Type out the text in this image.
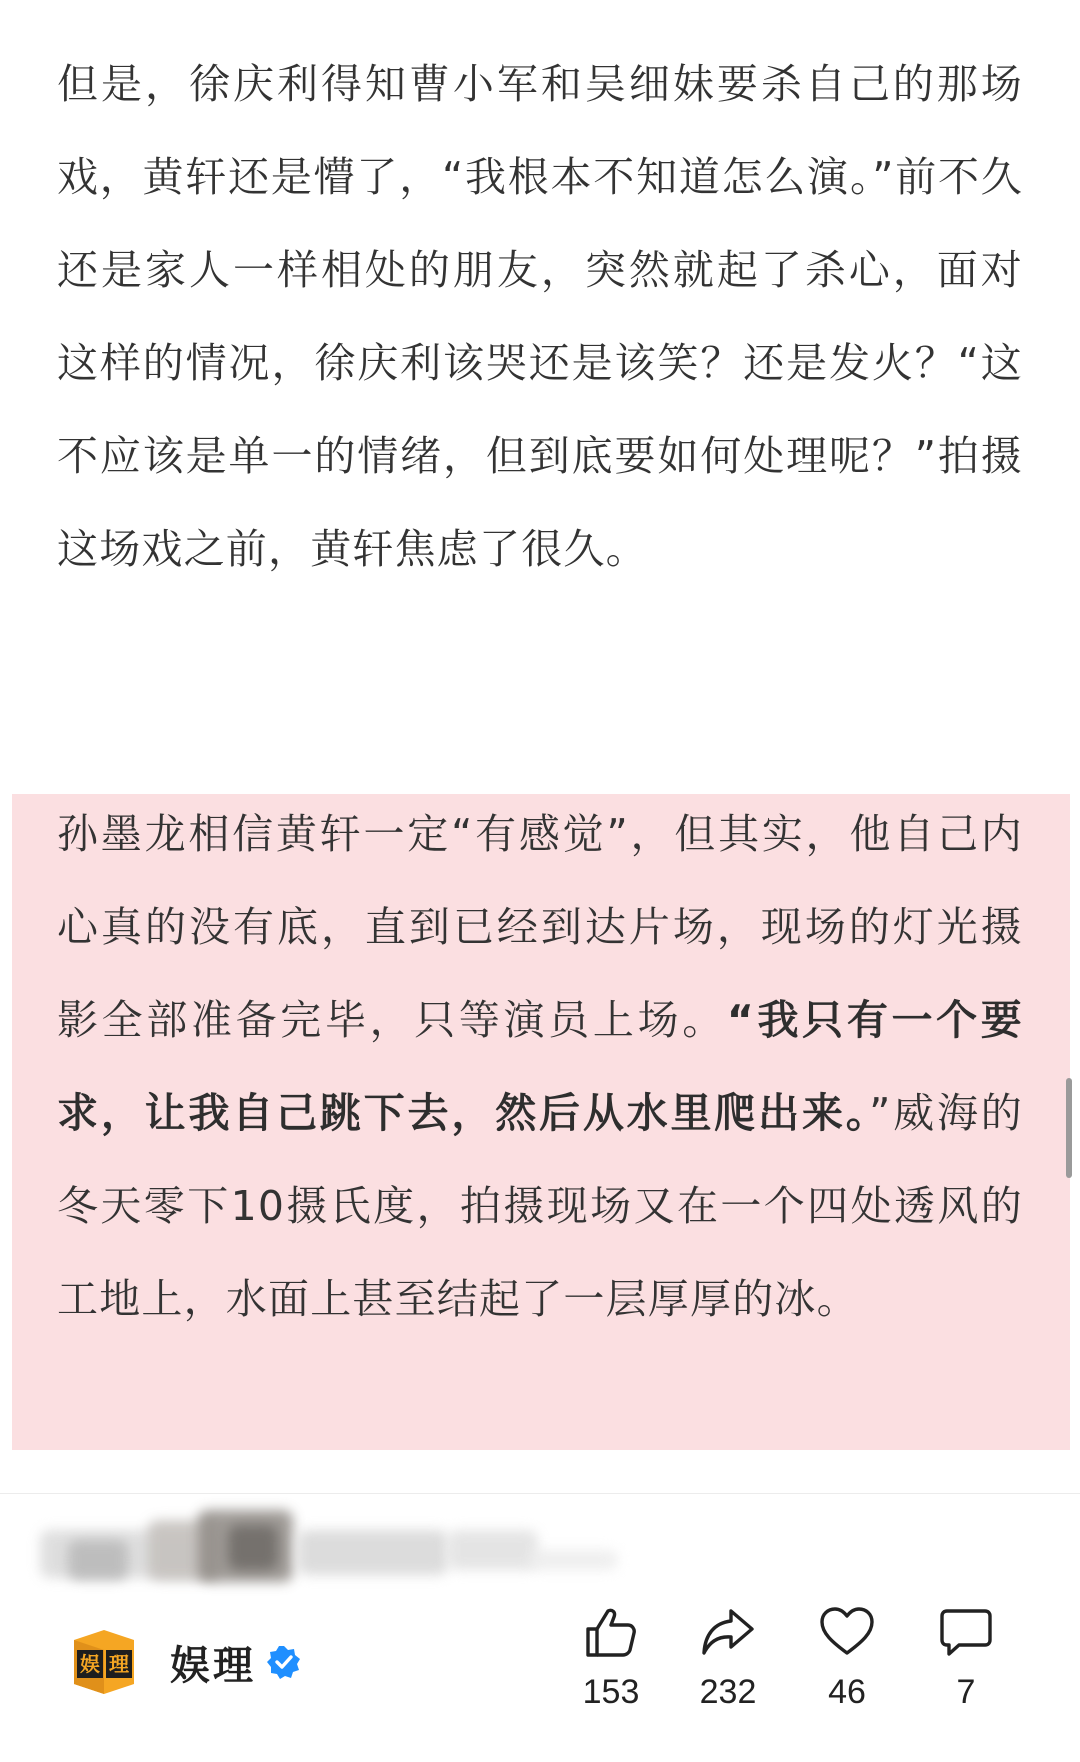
但是，徐庆利得知曹小军和吴细妹要杀自己的那场戏，黄轩还是懵了，“我根本不知道怎么演。”前不久还是家人一样相处的朋友，突然就起了杀心，面对这样的情况，徐庆利该哭还是该笑？还是发火？“这不应该是单一的情绪，但到底要如何处理呢？”拍摄这场戏之前，黄轩焦虑了很久。

孙墨龙相信黄轩一定“有感觉”，但其实，他自己内心真的没有底，直到已经到达片场，现场的灯光摄影全部准备完毕，只等演员上场。“我只有一个要求，让我自己跳下去，然后从水里爬出来。”威海的冬天零下10摄氏度，拍摄现场又在一个四处透风的工地上，水面上甚至结起了一层厚厚的冰。

娱 理 娱理
153	232	46	7
